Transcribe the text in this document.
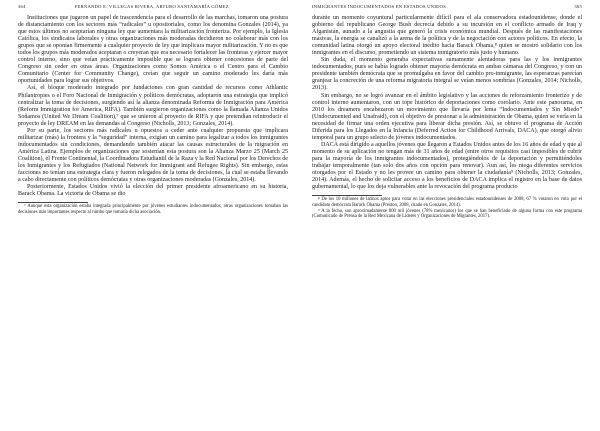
364	FERNANDO E. VILLEGAS RIVERA, ARTURO SANTAMARÍA GÓMEZ

Instituciones que jugaron un papel de trascendencia para el desarrollo de las marchas, tomaron una postura de distanciamiento con los sectores más “radicales” u opositoriales, como los denomina Gonzales (2014), ya que estos últimos no aceptarían ninguna ley que aumentara la militarización fronteriza. Por ejemplo, la Iglesia Católica, los sindicatos laborales y otras organizaciones más moderadas decidieron no colaborar más con los grupos que se oponían firmemente a cualquier proyecto de ley que implicara mayor militarización. Y no es que todos los grupos más moderados aceptaran o creyeran que era necesario fortalecer las fronteras y ejercer mayor control interno, sino que veían prácticamente imposible que se lograra obtener concesiones de parte del Congreso sin ceder en otras áreas. Organizaciones como Somos América o el Centro para el Cambio Comunitario (Center for Community Change), creían que seguir un camino moderado les daría más oportunidades para lograr sus objetivos.

Así, el bloque moderado integrado por fundaciones con gran cantidad de recursos como Athlantic Philantropies o el Foro Nacional de Inmigración y políticos demócratas, adoptaron una estrategia que implicó centralizar la toma de decisiones, surgiendo así la alianza denominada Reforma de Inmigración para América (Reform Immigration for America, RIFA). También surgieron organizaciones como la llamada Alianza Unidos Soñamos (United We Dream Coalition),⁷ que se unieron al proyecto de RIFA y que pretendían reintroducir el proyecto de ley DREAM en las demandas al Congreso (Nicholls, 2013; Gonzales, 2014).

Por su parte, los sectores más radicales u opuestos a ceder ante cualquier propuesta que implicara militarizar (más) la frontera y la “seguridad” interna, exigían un camino para legalizar a todos los inmigrantes indocumentados sin condiciones, demandando también atacar las causas estructurales de la migración en América Latina. Ejemplos de organizaciones que sostenían esta postura son la Alianza Marzo 25 (March 25 Coalition), el Frente Continental, la Coordinadora Estudiantil de la Raza y la Red Nacional por los Derechos de los Inmigrantes y los Refugiados (National Network for Immigrant and Refugee Rights). Sin embargo, estas facciones no tenían una estrategia clara y fueron relegados de la toma de decisiones, la cual se estaba llevando a cabo directamente con políticos demócratas y otras organizaciones moderadas (Gonzales, 2014).

Posteriormente, Estados Unidos vivió la elección del primer presidente afroamericano en su historia, Barack Obama. La victoria de Obama se dio

⁷ Aunque esta organización estaba integrada principalmente por jóvenes estudiantes indocumentados, otras organizaciones tomaban las decisiones más importantes respecto al rumbo que tomaría dicha asociación.

INMIGRANTES INDOCUMENTADOS EN ESTADOS UNIDOS	365

durante un momento coyuntural particularmente difícil para el ala conservadora estadounidense, donde el gobierno del republicano George Bush decrecía debido a su incursión en el conflicto armado de Iraq y Afganistán, aunado a la angustia que generó la crisis económica mundial. Después de las manifestaciones masivas, la energía se canalizó a la arena de la política y de la negociación con actores políticos. En efecto, la comunidad latina otorgó un apoyo electoral inédito hacia Barack Obama,⁸ quien se mostró solidario con los inmigrantes en el discurso, prometiendo un sistema inmigratorio más justo y humano.

Sin duda, el momento generaba expectativas sumamente alentadoras para las y los inmigrantes indocumentados, pues se había logrado obtener mayoría demócrata en ambas cámaras del Congreso, y con un presidente también demócrata que se promulgaba en favor del cambio pro-inmigrante, las esperanzas parecían granjear la concreción de una reforma migratoria integral se veían menos sombrías (Gonzales, 2014; Nicholls, 2013).

Sin embargo, no se logró avanzar en el ámbito legislativo y las acciones de reforzamiento fronterizo y de control interno aumentaron, con un tope histórico de deportaciones como corolario. Ante este panorama, en 2010 los dreamers encabezaron un movimiento que llevaría por lema “Indocumentados y Sin Miedo” (Undocumented and Unafraid), con el objetivo de presionar a la administración de Obama, quien se vería en la necesidad de firmar una orden ejecutiva para liberar dicha presión. Así, se obtuvo el programa de Acción Diferida para los Llegados en la Infancia (Deferred Action for Childhood Arrivals, DACA), que otorgó alivio temporal para un grupo selecto de jóvenes indocumentados.

DACA está dirigido a aquellos jóvenes que llegaron a Estados Unidos antes de los 16 años de edad y que al momento de su aplicación no tengan más de 31 años de edad (entre otros requisitos casi imposibles de cubrir para la mayoría de los inmigrantes indocumentados), protegiéndolos de la deportación y permitiéndoles trabajar temporalmente (tan solo dos años con opción para renovar). Aun así, les niega diferentes servicios otorgados por el Estado y no les provee un camino para obtener la ciudadanía⁹ (Nicholls, 2013; Gonzales, 2014). Además, el hecho de solicitar acceso a los beneficios de DACA implica el registro en la base de datos gubernamental, lo que los deja vulnerables ante la revocación del programa producto

⁸ De los 10 millones de latinos aptos para votar en las elecciones presidenciales estadounidenses de 2008, 67 % votaron en voto por el candidato demócrata Barack Obama (Preston, 2008, citado en Gonzales, 2014).

⁹ A la fecha, son aproximadamente 800 mil jóvenes (78% mexicanos) los que se han beneficiado de alguna forma con este programa (Comunicado de Prensa de la Red Mexicana de Líderes y Organizaciones de Migrantes, 2017).
